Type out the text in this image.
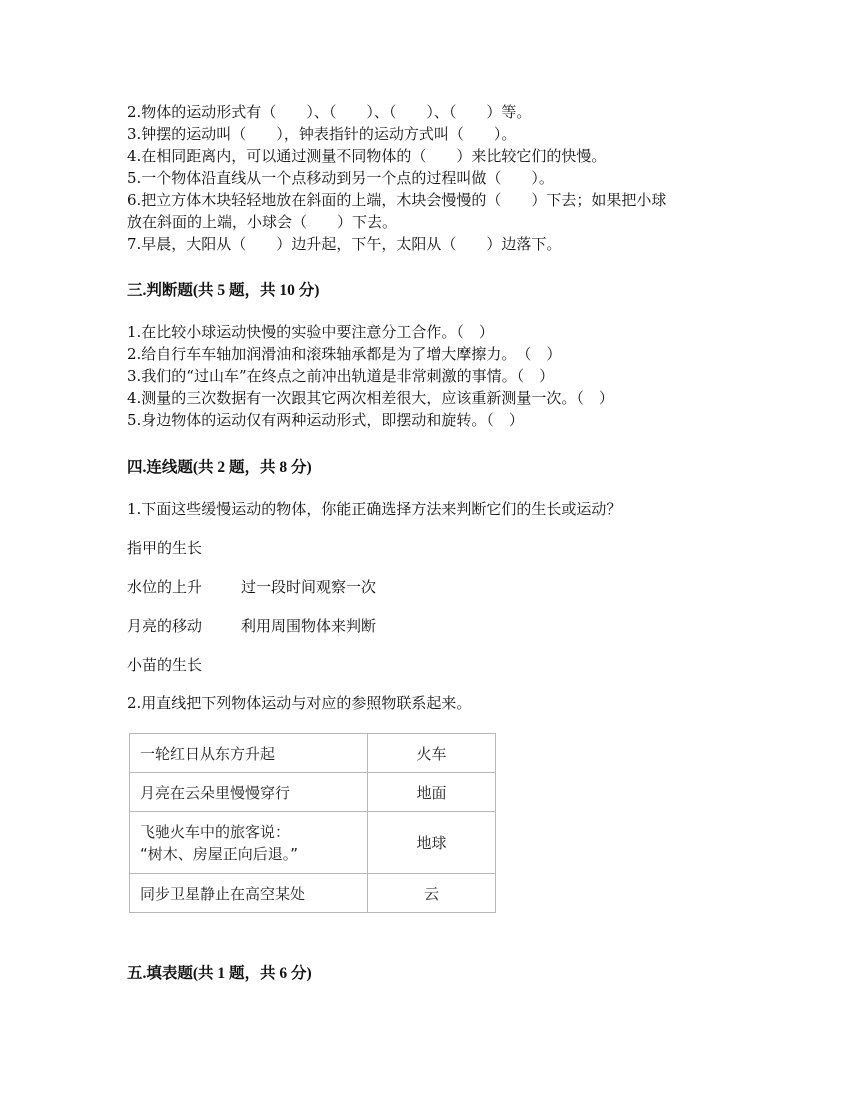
2.物体的运动形式有（　　）、（　　）、（　　）、（　　）等。
3.钟摆的运动叫（　　），钟表指针的运动方式叫（　　）。
4.在相同距离内，可以通过测量不同物体的（　　）来比较它们的快慢。
5.一个物体沿直线从一个点移动到另一个点的过程叫做（　　）。
6.把立方体木块轻轻地放在斜面的上端，木块会慢慢的（　　）下去；如果把小球
放在斜面的上端，小球会（　　）下去。
7.早晨，大阳从（　　）边升起，下午，太阳从（　　）边落下。
三.判断题(共 5 题，共 10 分)
1.在比较小球运动快慢的实验中要注意分工合作。（　）
2.给自行车车轴加润滑油和滚珠轴承都是为了增大摩擦力。　（　）
3.我们的“过山车”在终点之前冲出轨道是非常刺激的事情。（　）
4.测量的三次数据有一次跟其它两次相差很大，应该重新测量一次。（　）
5.身边物体的运动仅有两种运动形式，即摆动和旋转。（　）
四.连线题(共 2 题，共 8 分)
1.下面这些缓慢运动的物体，你能正确选择方法来判断它们的生长或运动？
指甲的生长
水位的上升	过一段时间观察一次
月亮的移动	利用周围物体来判断
小苗的生长
2.用直线把下列物体运动与对应的参照物联系起来。
一轮红日从东方升起	火车
月亮在云朵里慢慢穿行	地面

飞驰火车中的旅客说：
“树木、房屋正向后退。”	地球
同步卫星静止在高空某处	云
五.填表题(共 1 题，共 6 分)
